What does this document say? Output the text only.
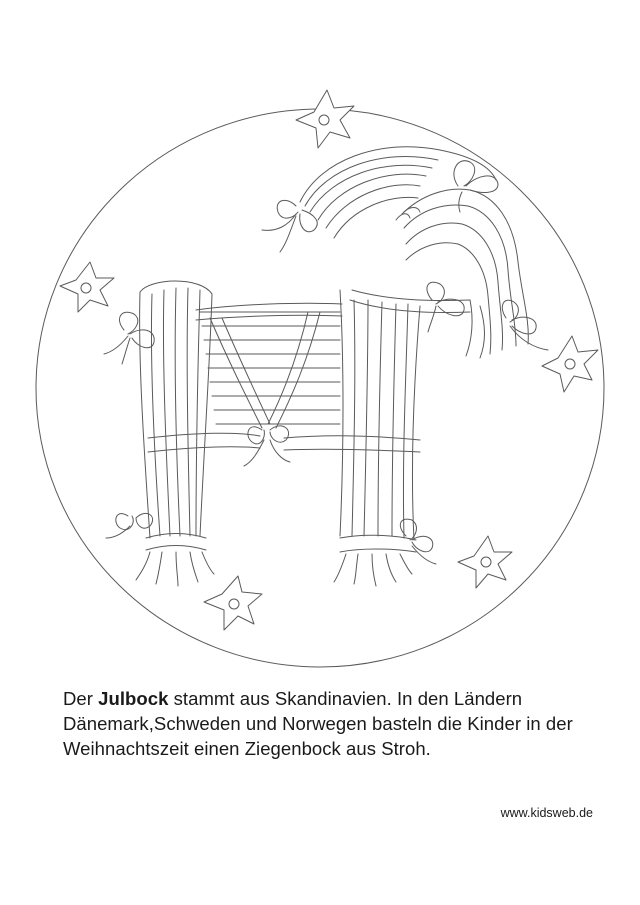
Der Julbock stammt aus Skandinavien. In den Ländern Dänemark,Schweden und Norwegen basteln die Kinder in der Weihnachtszeit einen Ziegenbock aus Stroh.

www.kidsweb.de
